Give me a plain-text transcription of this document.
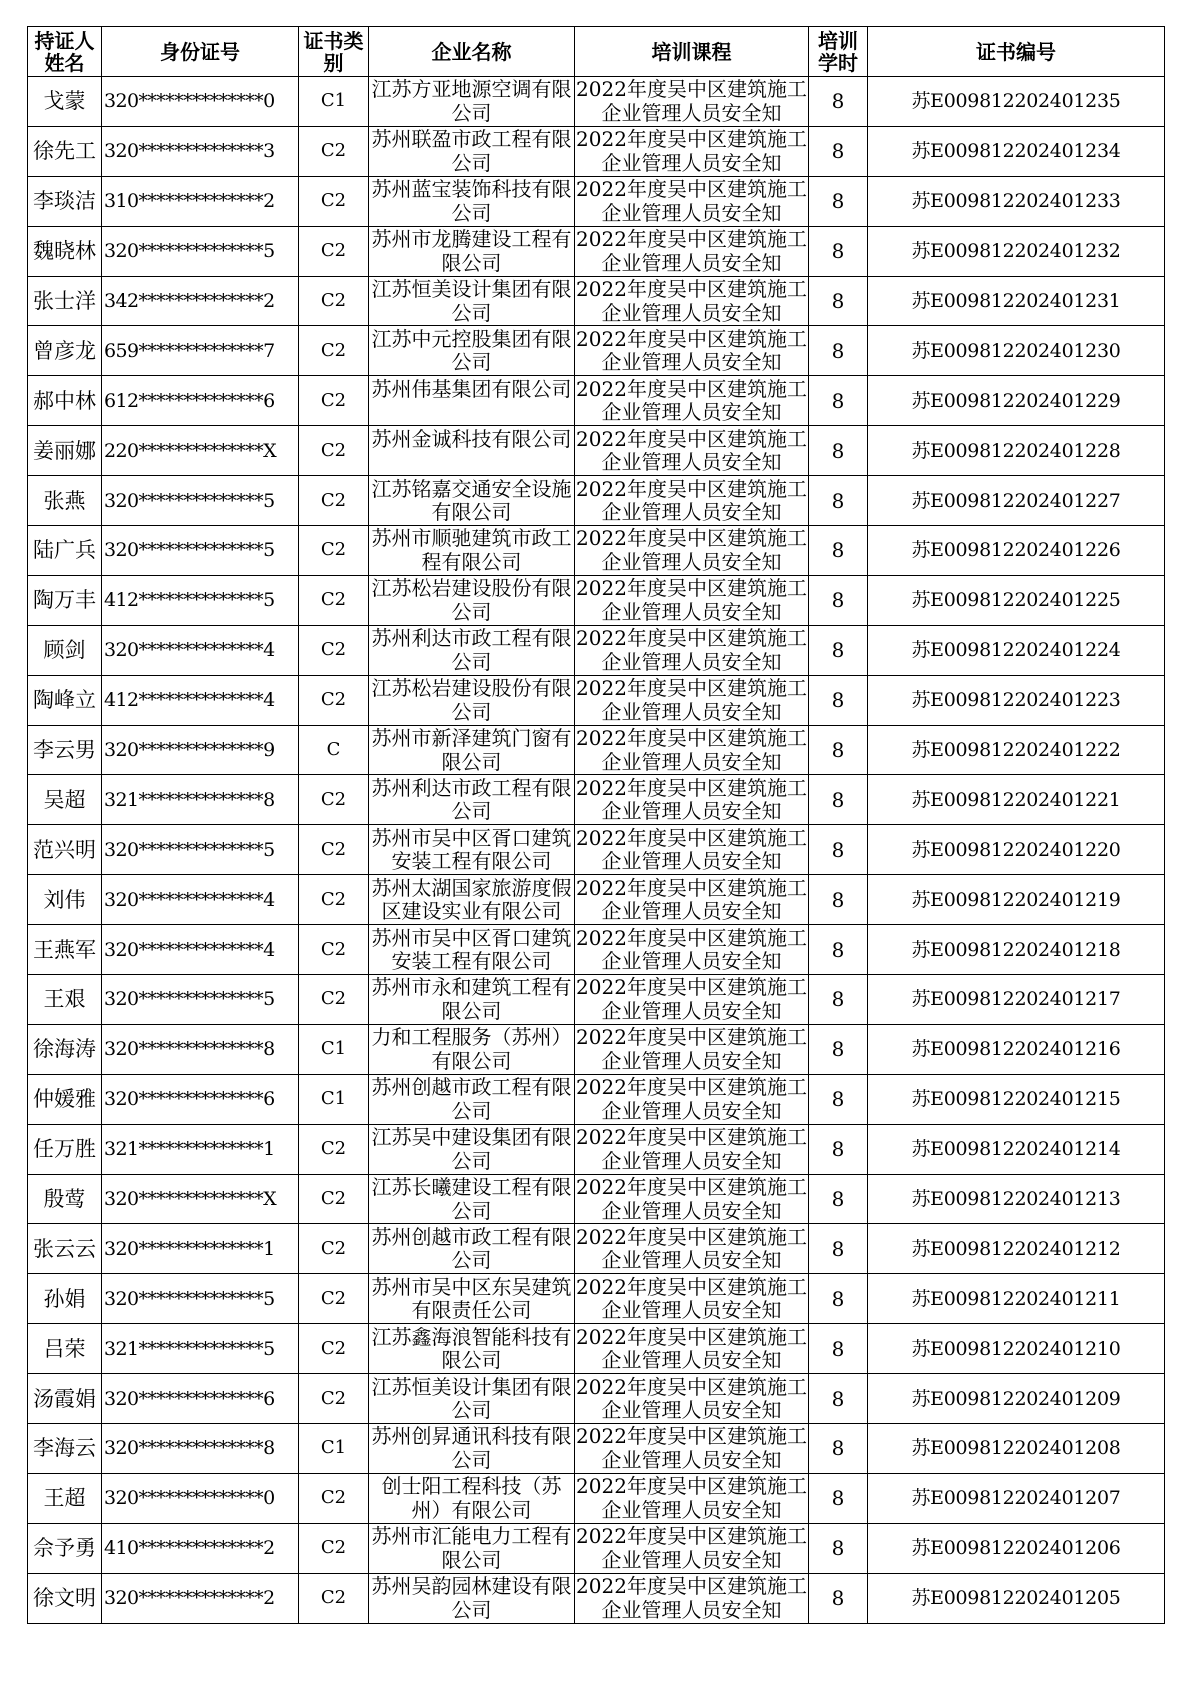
持证人姓名	身份证号	证书类别	企业名称	培训课程	培训学时	证书编号
戈蒙	320**************0	C1	江苏方亚地源空调有限公司	2022年度吴中区建筑施工企业管理人员安全知	8	苏E009812202401235
徐先工	320**************3	C2	苏州联盈市政工程有限公司	2022年度吴中区建筑施工企业管理人员安全知	8	苏E009812202401234
李琰洁	310**************2	C2	苏州蓝宝装饰科技有限公司	2022年度吴中区建筑施工企业管理人员安全知	8	苏E009812202401233
魏晓林	320**************5	C2	苏州市龙腾建设工程有限公司	2022年度吴中区建筑施工企业管理人员安全知	8	苏E009812202401232
张士洋	342**************2	C2	江苏恒美设计集团有限公司	2022年度吴中区建筑施工企业管理人员安全知	8	苏E009812202401231
曾彦龙	659**************7	C2	江苏中元控股集团有限公司	2022年度吴中区建筑施工企业管理人员安全知	8	苏E009812202401230
郝中林	612**************6	C2	苏州伟基集团有限公司	2022年度吴中区建筑施工企业管理人员安全知	8	苏E009812202401229
姜丽娜	220**************X	C2	苏州金诚科技有限公司	2022年度吴中区建筑施工企业管理人员安全知	8	苏E009812202401228
张燕	320**************5	C2	江苏铭嘉交通安全设施有限公司	2022年度吴中区建筑施工企业管理人员安全知	8	苏E009812202401227
陆广兵	320**************5	C2	苏州市顺驰建筑市政工程有限公司	2022年度吴中区建筑施工企业管理人员安全知	8	苏E009812202401226
陶万丰	412**************5	C2	江苏松岩建设股份有限公司	2022年度吴中区建筑施工企业管理人员安全知	8	苏E009812202401225
顾剑	320**************4	C2	苏州利达市政工程有限公司	2022年度吴中区建筑施工企业管理人员安全知	8	苏E009812202401224
陶峰立	412**************4	C2	江苏松岩建设股份有限公司	2022年度吴中区建筑施工企业管理人员安全知	8	苏E009812202401223
李云男	320**************9	C	苏州市新泽建筑门窗有限公司	2022年度吴中区建筑施工企业管理人员安全知	8	苏E009812202401222
吴超	321**************8	C2	苏州利达市政工程有限公司	2022年度吴中区建筑施工企业管理人员安全知	8	苏E009812202401221
范兴明	320**************5	C2	苏州市吴中区胥口建筑安装工程有限公司	2022年度吴中区建筑施工企业管理人员安全知	8	苏E009812202401220
刘伟	320**************4	C2	苏州太湖国家旅游度假区建设实业有限公司	2022年度吴中区建筑施工企业管理人员安全知	8	苏E009812202401219
王燕军	320**************4	C2	苏州市吴中区胥口建筑安装工程有限公司	2022年度吴中区建筑施工企业管理人员安全知	8	苏E009812202401218
王艰	320**************5	C2	苏州市永和建筑工程有限公司	2022年度吴中区建筑施工企业管理人员安全知	8	苏E009812202401217
徐海涛	320**************8	C1	力和工程服务（苏州）有限公司	2022年度吴中区建筑施工企业管理人员安全知	8	苏E009812202401216
仲媛雅	320**************6	C1	苏州创越市政工程有限公司	2022年度吴中区建筑施工企业管理人员安全知	8	苏E009812202401215
任万胜	321**************1	C2	江苏吴中建设集团有限公司	2022年度吴中区建筑施工企业管理人员安全知	8	苏E009812202401214
殷莺	320**************X	C2	江苏长曦建设工程有限公司	2022年度吴中区建筑施工企业管理人员安全知	8	苏E009812202401213
张云云	320**************1	C2	苏州创越市政工程有限公司	2022年度吴中区建筑施工企业管理人员安全知	8	苏E009812202401212
孙娟	320**************5	C2	苏州市吴中区东吴建筑有限责任公司	2022年度吴中区建筑施工企业管理人员安全知	8	苏E009812202401211
吕荣	321**************5	C2	江苏鑫海浪智能科技有限公司	2022年度吴中区建筑施工企业管理人员安全知	8	苏E009812202401210
汤霞娟	320**************6	C2	江苏恒美设计集团有限公司	2022年度吴中区建筑施工企业管理人员安全知	8	苏E009812202401209
李海云	320**************8	C1	苏州创昇通讯科技有限公司	2022年度吴中区建筑施工企业管理人员安全知	8	苏E009812202401208
王超	320**************0	C2	创士阳工程科技（苏州）有限公司	2022年度吴中区建筑施工企业管理人员安全知	8	苏E009812202401207
佘予勇	410**************2	C2	苏州市汇能电力工程有限公司	2022年度吴中区建筑施工企业管理人员安全知	8	苏E009812202401206
徐文明	320**************2	C2	苏州吴韵园林建设有限公司	2022年度吴中区建筑施工企业管理人员安全知	8	苏E009812202401205
